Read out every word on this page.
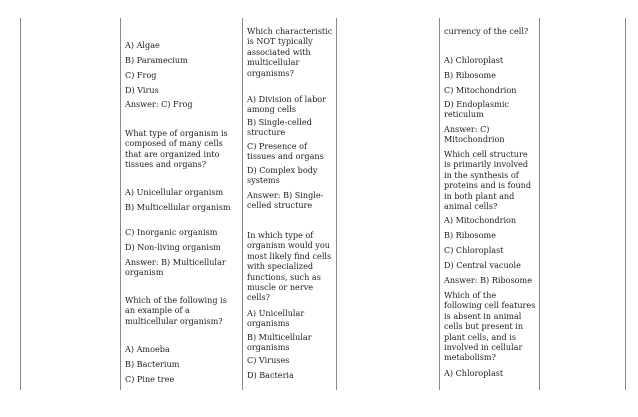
A) Algae

B) Paramecium

C) Frog

D) Virus

Answer: C) Frog

What type of organism is composed of many cells that are organized into tissues and organs?

A) Unicellular organism

B) Multicellular organism

C) Inorganic organism

D) Non-living organism

Answer: B) Multicellular organism

Which of the following is an example of a multicellular organism?

A) Amoeba

B) Bacterium

C) Pine tree

Which characteristic is NOT typically associated with multicellular organisms?

A) Division of labor among cells

B) Single-celled structure

C) Presence of tissues and organs

D) Complex body systems

Answer: B) Single-celled structure

In which type of organism would you most likely find cells with specialized functions, such as muscle or nerve cells?

A) Unicellular organisms

B) Multicellular organisms

C) Viruses

D) Bacteria

currency of the cell?

A) Chloroplast

B) Ribosome

C) Mitochondrion

D) Endoplasmic reticulum

Answer: C) Mitochondrion

Which cell structure is primarily involved in the synthesis of proteins and is found in both plant and animal cells?

A) Mitochondrion

B) Ribosome

C) Chloroplast

D) Central vacuole

Answer: B) Ribosome

Which of the following cell features is absent in animal cells but present in plant cells, and is involved in cellular metabolism?

A) Chloroplast
